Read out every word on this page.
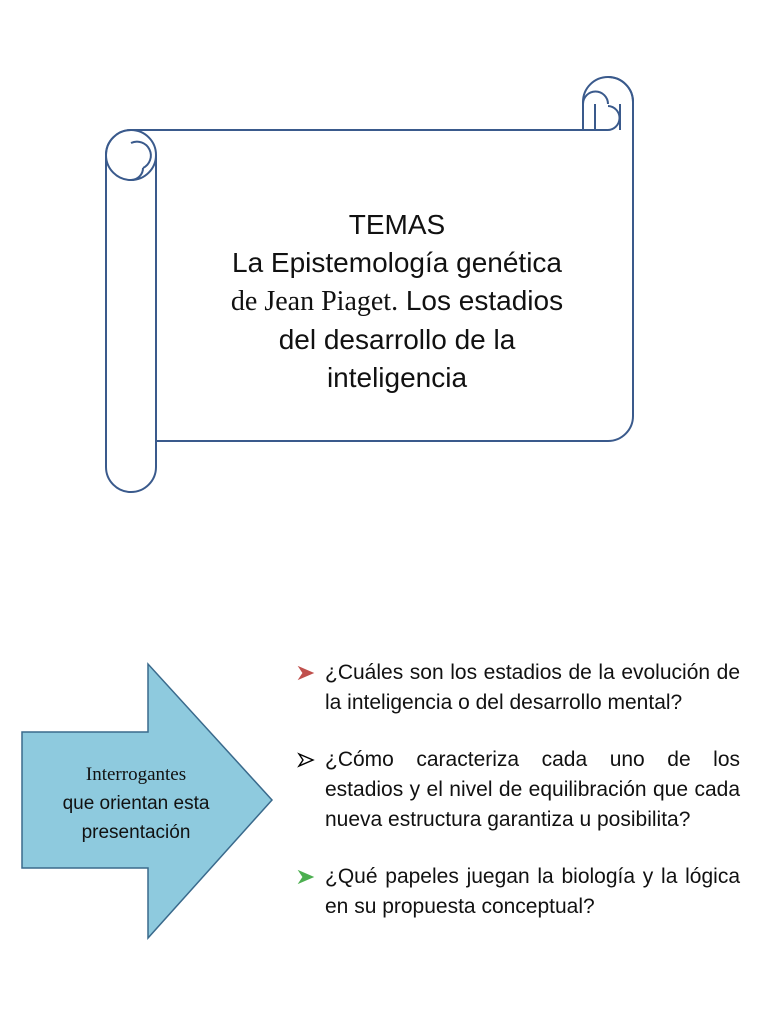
TEMAS
La Epistemología genética
de Jean Piaget. Los estadios
del desarrollo de la
inteligencia
Interrogantes
que orientan esta
presentación

¿Cuáles son los estadios de la evolución de la inteligencia o del desarrollo mental?

¿Cómo caracteriza cada uno de los estadios y el nivel de equilibración que cada nueva estructura garantiza u posibilita?

¿Qué papeles juegan la biología y la lógica en su propuesta conceptual?
